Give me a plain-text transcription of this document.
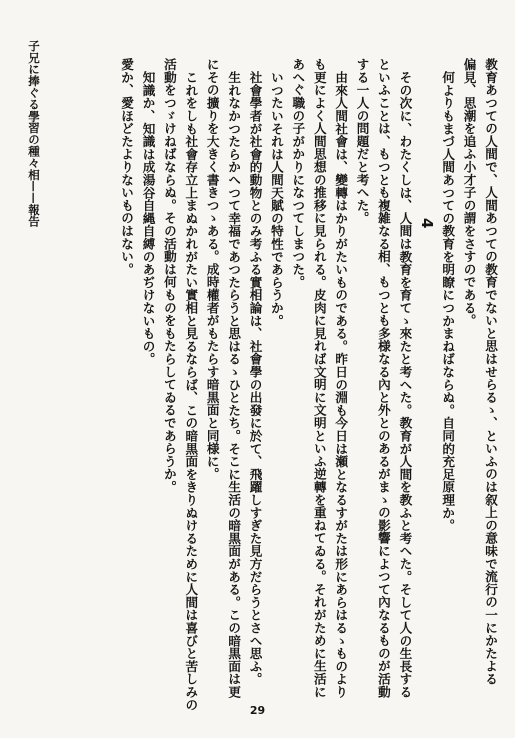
子兄に捧ぐる學習の種々相——報告	教育あつての人間で、人間あつての教育でないと思はせらるゝ、といふのは叙上の意味で流行の一にかたよる
偏見、思潮を追ふ小才子の謂をさすのである。
何よりもまづ人間あつての教育を明瞭につかまねばならぬ。自同的充足原理か。
4
その次に、わたくしは、人間は教育を育てゝ來たと考へた。教育が人間を教ふと考へた。そして人の生長する
といふことは、もつとも複雑なる相、もつとも多様なる內と外とのあるがまゝの影響によつて內なるものが活動
する一人の問題だと考へた。
由來人間社會は、變轉はかりがたいものである。昨日の淵も今日は瀬となるすがたは形にあらはるゝものより
も更によく人間思想の推移に見られる。皮肉に見れば文明に文明といふ逆轉を重ねてゐる。それがために生活に
あへぐ職の子がかりになつてしまつた。
いつたいそれは人間天賦の特性であらうか。
社會學者が社會的動物とのみ考ふる實相論は、社會學の出發に於て、飛躍しすぎた見方だらうとさへ思ふ。
生れなかつたらかへつて幸福であつたらうと思はるゝひとたち。そこに生活の暗黒面がある。この暗黒面は更
にその擴りを大きく書きつゝある。成時權者がもたらす暗黒面と同様に。
これをしも社會存立上まぬかれがたい實相と見るならば、この暗黒面をきりぬけるために人間は喜びと苦しみの
活動をつゞけねばならぬ。その活動は何ものをもたらしてゐるであらうか。
知識か、知識は成湯谷自縄自縛のあぢけないもの。
愛か、愛ほどたよりないものはない。
29
